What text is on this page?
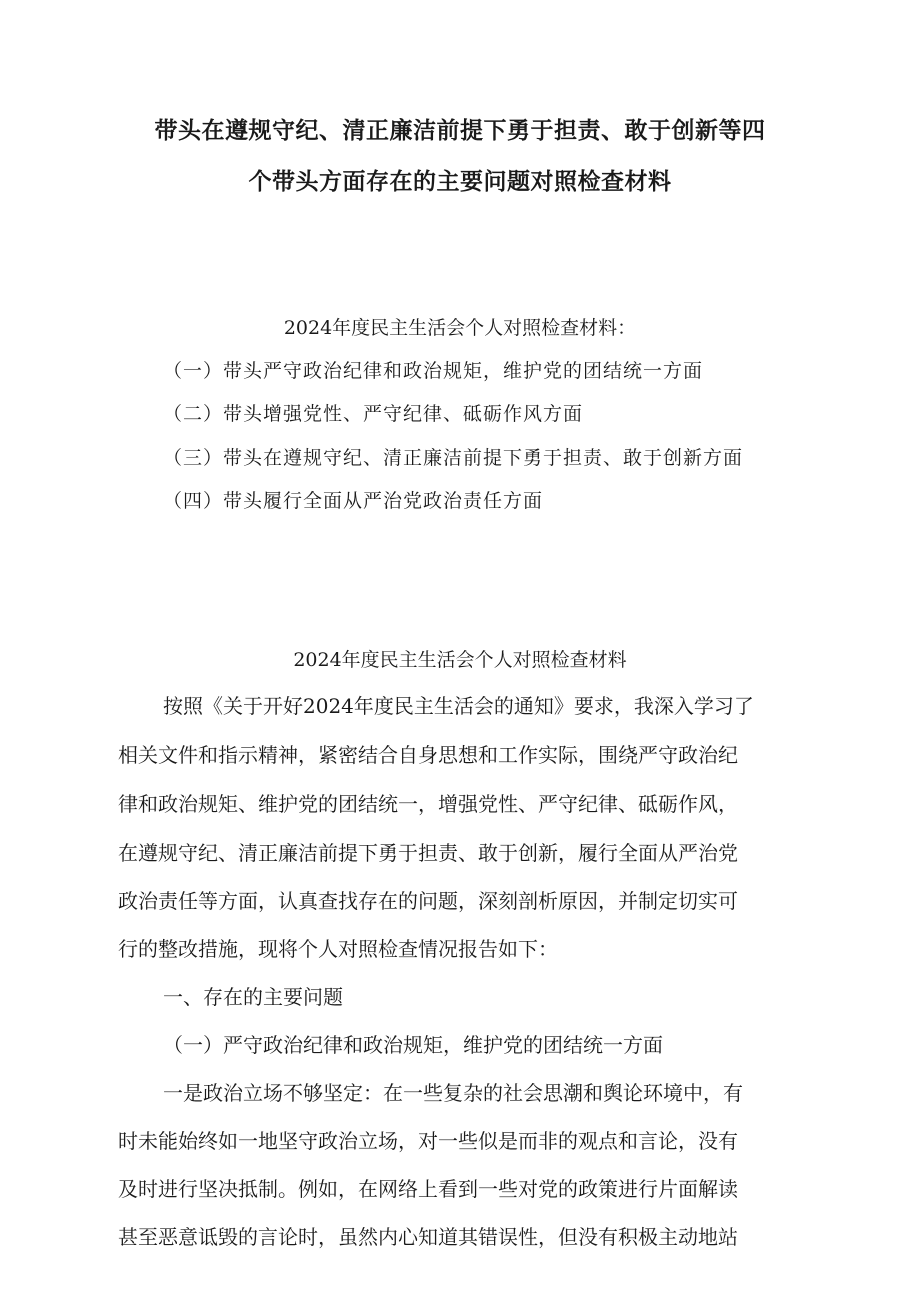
带头在遵规守纪、清正廉洁前提下勇于担责、敢于创新等四
个带头方面存在的主要问题对照检查材料

2024年度民主生活会个人对照检查材料：

（一）带头严守政治纪律和政治规矩，维护党的团结统一方面

（二）带头增强党性、严守纪律、砥砺作风方面

（三）带头在遵规守纪、清正廉洁前提下勇于担责、敢于创新方面

（四）带头履行全面从严治党政治责任方面

2024年度民主生活会个人对照检查材料

按照《关于开好2024年度民主生活会的通知》要求，我深入学习了

相关文件和指示精神，紧密结合自身思想和工作实际，围绕严守政治纪

律和政治规矩、维护党的团结统一，增强党性、严守纪律、砥砺作风，

在遵规守纪、清正廉洁前提下勇于担责、敢于创新，履行全面从严治党

政治责任等方面，认真查找存在的问题，深刻剖析原因，并制定切实可

行的整改措施，现将个人对照检查情况报告如下：

一、存在的主要问题

（一）严守政治纪律和政治规矩，维护党的团结统一方面

一是政治立场不够坚定：在一些复杂的社会思潮和舆论环境中，有

时未能始终如一地坚守政治立场，对一些似是而非的观点和言论，没有

及时进行坚决抵制。例如，在网络上看到一些对党的政策进行片面解读

甚至恶意诋毁的言论时，虽然内心知道其错误性，但没有积极主动地站
